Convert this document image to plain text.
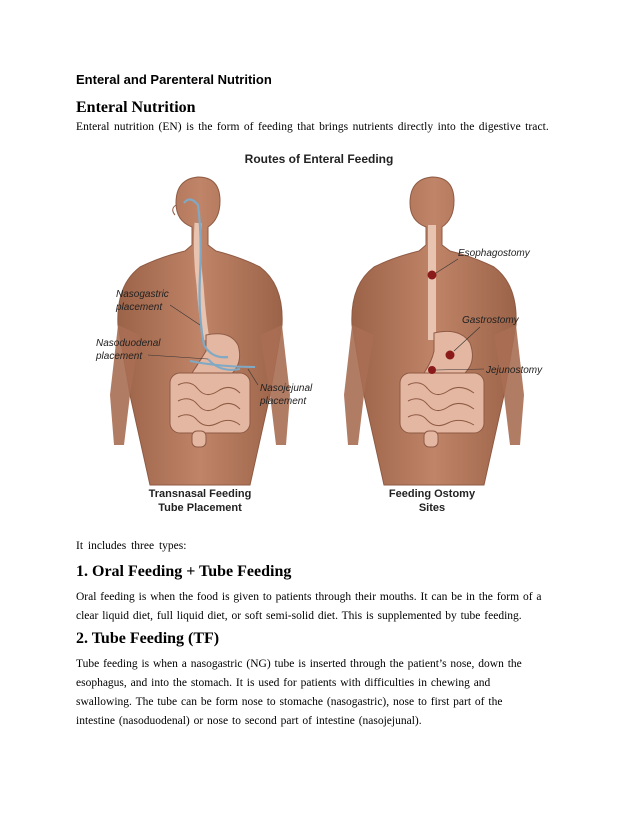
Enteral and Parenteral Nutrition
Enteral Nutrition
Enteral nutrition (EN) is the form of feeding that brings nutrients directly into the digestive tract.
Routes of Enteral Feeding
Nasogastric
placement
Nasoduodenal
placement
Nasojejunal
placement
Esophagostomy
Gastrostomy
Jejunostomy
Transnasal Feeding
Tube Placement
Feeding Ostomy
Sites
It includes three types:
1. Oral Feeding + Tube Feeding
Oral feeding is when the food is given to patients through their mouths. It can be in the form of a
clear liquid diet, full liquid diet, or soft semi-solid diet. This is supplemented by tube feeding.
2. Tube Feeding (TF)
Tube feeding is when a nasogastric (NG) tube is inserted through the patient’s nose, down the
esophagus, and into the stomach. It is used for patients with difficulties in chewing and
swallowing. The tube can be form nose to stomache (nasogastric), nose to first part of the
intestine (nasoduodenal) or nose to second part of intestine (nasojejunal).
